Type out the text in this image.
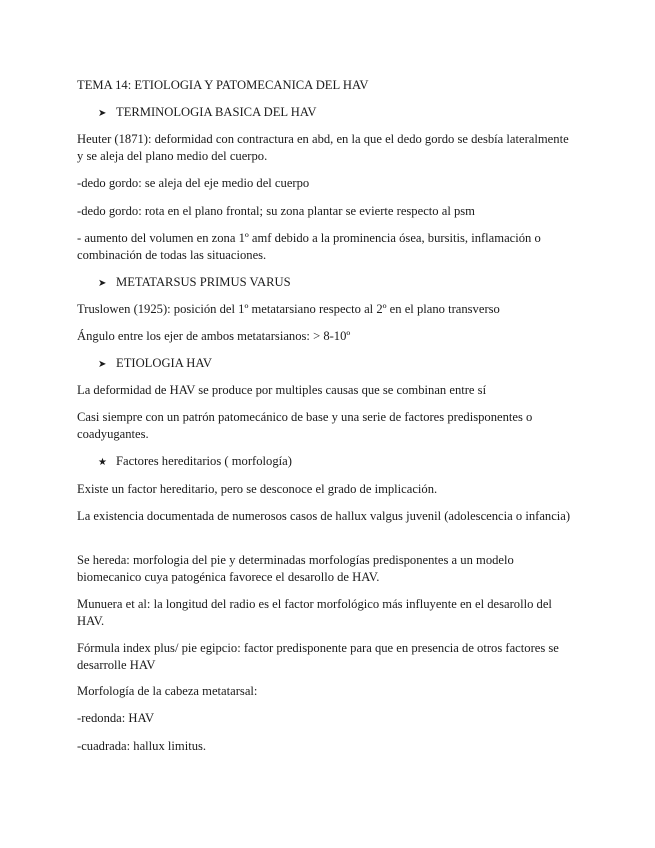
TEMA 14: ETIOLOGIA Y PATOMECANICA DEL HAV

➤ TERMINOLOGIA BASICA DEL HAV

Heuter (1871): deformidad con contractura en abd, en la que el dedo gordo se desbía lateralmente y se aleja del plano medio del cuerpo.

-dedo gordo: se aleja del eje medio del cuerpo

-dedo gordo: rota en el plano frontal; su zona plantar se evierte respecto al psm

- aumento del volumen en zona 1º amf debido a la prominencia ósea, bursitis, inflamación o combinación de todas las situaciones.

➤ METATARSUS PRIMUS VARUS

Truslowen (1925): posición del 1º metatarsiano respecto al 2º en el plano transverso

Ángulo entre los ejer de ambos metatarsianos: > 8-10º

➤ ETIOLOGIA HAV

La deformidad de HAV se produce por multiples causas que se combinan entre sí

Casi siempre con un patrón patomecánico de base y una serie de factores predisponentes o coadyugantes.

★ Factores hereditarios ( morfología)

Existe un factor hereditario, pero se desconoce el grado de implicación.

La existencia documentada de numerosos casos de hallux valgus juvenil (adolescencia o infancia)

Se hereda: morfologia del pie y determinadas morfologías predisponentes a un modelo biomecanico cuya patogénica favorece el desarollo de HAV.

Munuera et al: la longitud del radio es el factor morfológico más influyente en el desarollo del HAV.

Fórmula index plus/ pie egipcio: factor predisponente para que en presencia de otros factores se desarrolle HAV

Morfología de la cabeza metatarsal:

-redonda: HAV

-cuadrada: hallux limitus.
